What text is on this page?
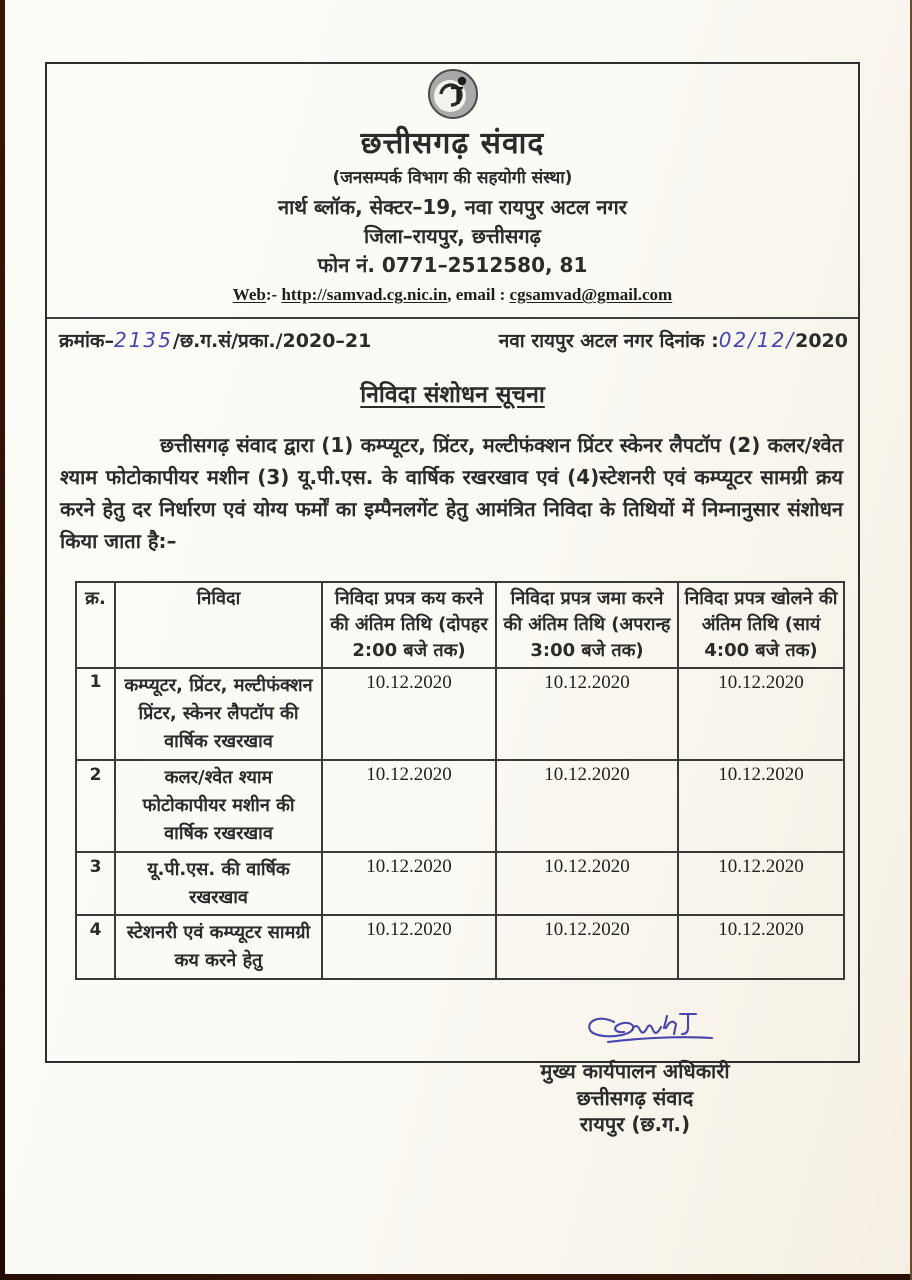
छत्तीसगढ़ संवाद
(जनसम्पर्क विभाग की सहयोगी संस्था)
नार्थ ब्लॉक, सेक्टर–19, नवा रायपुर अटल नगर
जिला–रायपुर, छत्तीसगढ़
फोन नं. 0771–2512580, 81
Web:- http://samvad.cg.nic.in, email : cgsamvad@gmail.com
क्रमांक–2135/छ.ग.सं/प्रका./2020–21	नवा रायपुर अटल नगर दिनांक :02/12/2020
निविदा संशोधन सूचना

छत्तीसगढ़ संवाद द्वारा (1) कम्प्यूटर, प्रिंटर, मल्टीफंक्शन प्रिंटर स्केनर लैपटॉप (2) कलर/श्वेत श्याम फोटोकापीयर मशीन (3) यू.पी.एस. के वार्षिक रखरखाव एवं (4)स्टेशनरी एवं कम्प्यूटर सामग्री क्रय करने हेतु दर निर्धारण एवं योग्य फर्मों का इम्पैनलगेंट हेतु आमंत्रित निविदा के तिथियों में निम्नानुसार संशोधन किया जाता है:–

क्र.	निविदा	निविदा प्रपत्र कय करने की अंतिम तिथि (दोपहर 2:00 बजे तक)	निविदा प्रपत्र जमा करने की अंतिम तिथि (अपरान्ह 3:00 बजे तक)	निविदा प्रपत्र खोलने की अंतिम तिथि (सायं 4:00 बजे तक)
1	कम्प्यूटर, प्रिंटर, मल्टीफंक्शन प्रिंटर, स्केनर लैपटॉप की वार्षिक रखरखाव	10.12.2020	10.12.2020	10.12.2020
2	कलर/श्वेत श्याम फोटोकापीयर मशीन की वार्षिक रखरखाव	10.12.2020	10.12.2020	10.12.2020
3	यू.पी.एस. की वार्षिक रखरखाव	10.12.2020	10.12.2020	10.12.2020
4	स्टेशनरी एवं कम्प्यूटर सामग्री कय करने हेतु	10.12.2020	10.12.2020	10.12.2020
मुख्य कार्यपालन अधिकारी
छत्तीसगढ़ संवाद
रायपुर (छ.ग.)
